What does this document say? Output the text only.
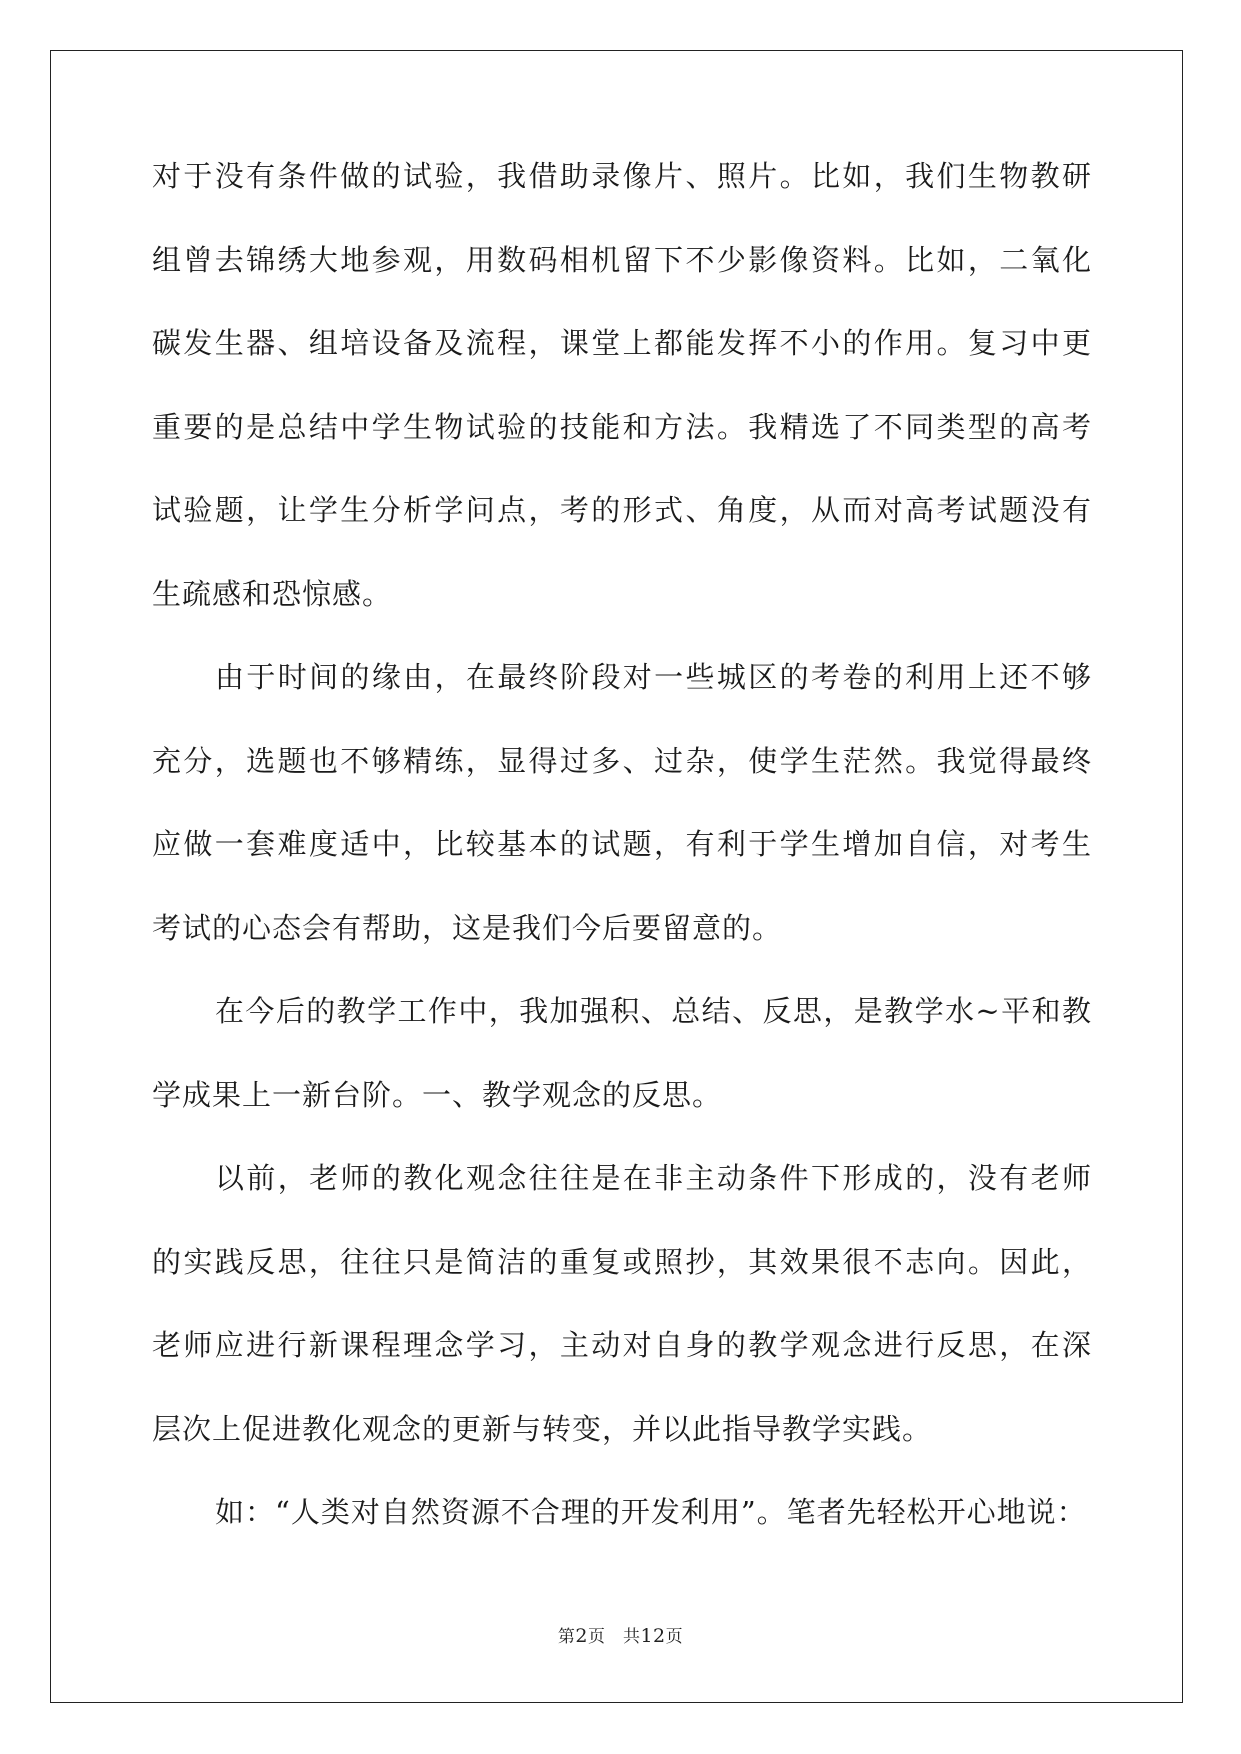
对于没有条件做的试验，我借助录像片、照片。比如，我们生物教研
组曾去锦绣大地参观，用数码相机留下不少影像资料。比如，二氧化
碳发生器、组培设备及流程，课堂上都能发挥不小的作用。复习中更
重要的是总结中学生物试验的技能和方法。我精选了不同类型的高考
试验题，让学生分析学问点，考的形式、角度，从而对高考试题没有
生疏感和恐惊感。
由于时间的缘由，在最终阶段对一些城区的考卷的利用上还不够
充分，选题也不够精练，显得过多、过杂，使学生茫然。我觉得最终
应做一套难度适中，比较基本的试题，有利于学生增加自信，对考生
考试的心态会有帮助，这是我们今后要留意的。
在今后的教学工作中，我加强积、总结、反思，是教学水~平和教
学成果上一新台阶。一、教学观念的反思。
以前，老师的教化观念往往是在非主动条件下形成的，没有老师
的实践反思，往往只是简洁的重复或照抄，其效果很不志向。因此，
老师应进行新课程理念学习，主动对自身的教学观念进行反思，在深
层次上促进教化观念的更新与转变，并以此指导教学实践。
如：“人类对自然资源不合理的开发利用”。笔者先轻松开心地说：
第2页  共12页
